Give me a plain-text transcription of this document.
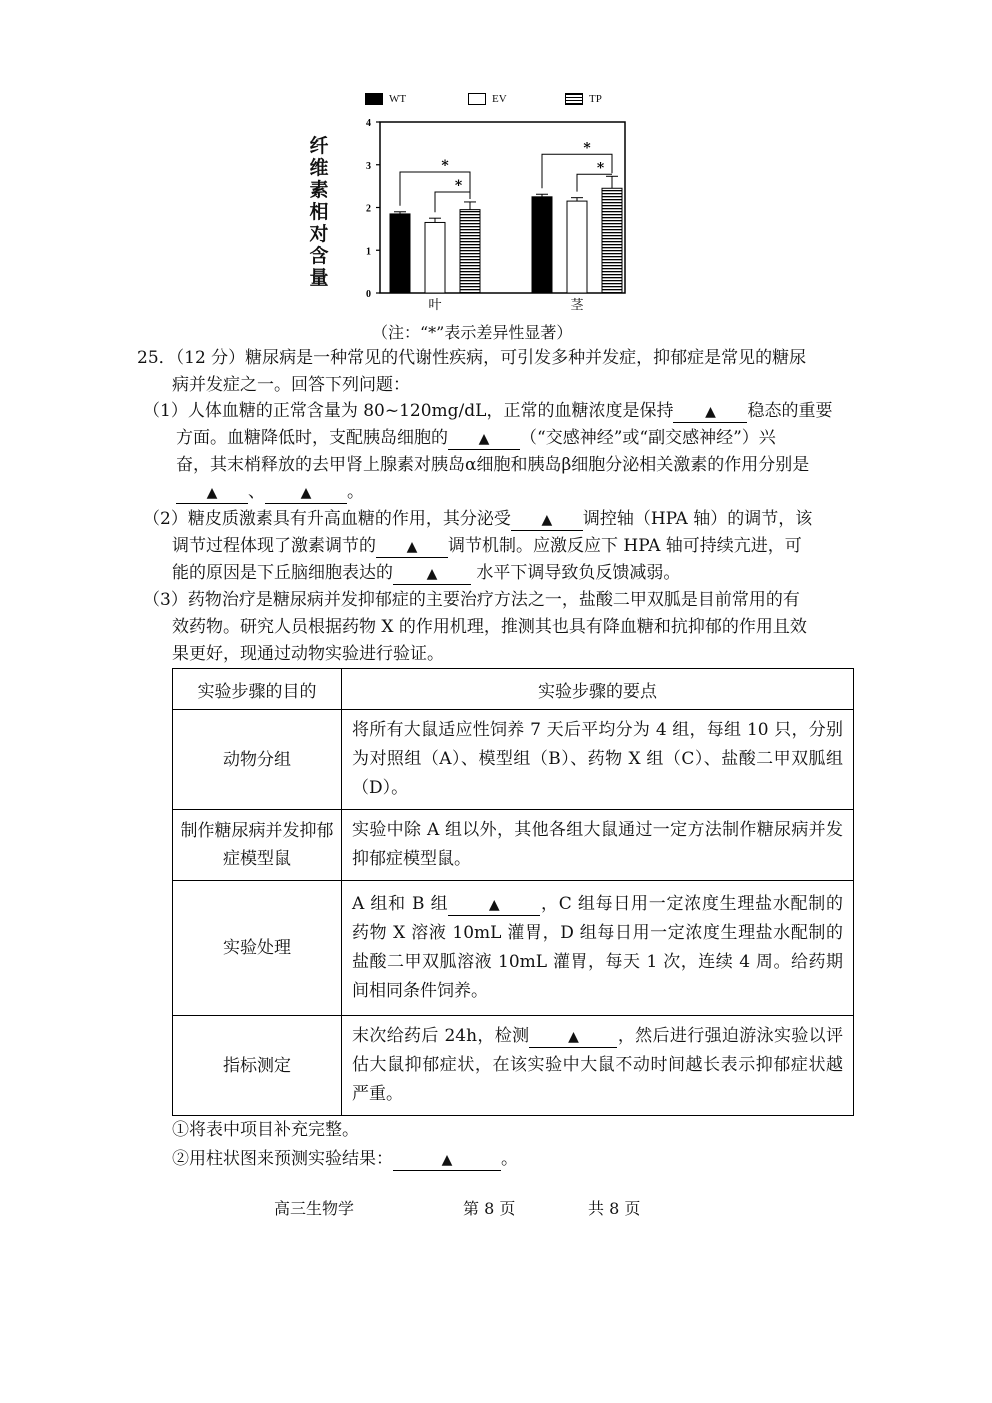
WT	EV	TP
纤维素相对含量
0
1
2
3
4
叶
*
*
茎
*
*
（注：“*”表示差异性显著）
25．（12 分）糖尿病是一种常见的代谢性疾病，可引发多种并发症，抑郁症是常见的糖尿
病并发症之一。回答下列问题：
（1）人体血糖的正常含量为 80~120mg/dL，正常的血糖浓度是保持 ▲ 稳态的重要
方面。血糖降低时，支配胰岛细胞的 ▲ （“交感神经”或“副交感神经”）兴
奋，其末梢释放的去甲肾上腺素对胰岛α细胞和胰岛β细胞分泌相关激素的作用分别是
▲ 、	▲ 。
（2）糖皮质激素具有升高血糖的作用，其分泌受 ▲ 调控轴（HPA 轴）的调节，该
调节过程体现了激素调节的 ▲ 调节机制。应激反应下 HPA 轴可持续亢进，可
能的原因是下丘脑细胞表达的 ▲ 水平下调导致负反馈减弱。
（3）药物治疗是糖尿病并发抑郁症的主要治疗方法之一，盐酸二甲双胍是目前常用的有
效药物。研究人员根据药物 X 的作用机理，推测其也具有降血糖和抗抑郁的作用且效
果更好，现通过动物实验进行验证。
实验步骤的目的	实验步骤的要点
动物分组	将所有大鼠适应性饲养 7 天后平均分为 4 组，每组 10 只，分别为对照组（A）、模型组（B）、药物 X 组（C）、盐酸二甲双胍组（D）。
制作糖尿病并发抑郁症模型鼠	实验中除 A 组以外，其他各组大鼠通过一定方法制作糖尿病并发抑郁症模型鼠。
实验处理	A 组和 B 组 ▲ ，C 组每日用一定浓度生理盐水配制的药物 X 溶液 10mL 灌胃，D 组每日用一定浓度生理盐水配制的盐酸二甲双胍溶液 10mL 灌胃，每天 1 次，连续 4 周。给药期间相同条件饲养。
指标测定	末次给药后 24h，检测 ▲ ，然后进行强迫游泳实验以评估大鼠抑郁症状，在该实验中大鼠不动时间越长表示抑郁症状越严重。
①将表中项目补充完整。
②用柱状图来预测实验结果：	▲	。
高三生物学	第 8 页	共 8 页
